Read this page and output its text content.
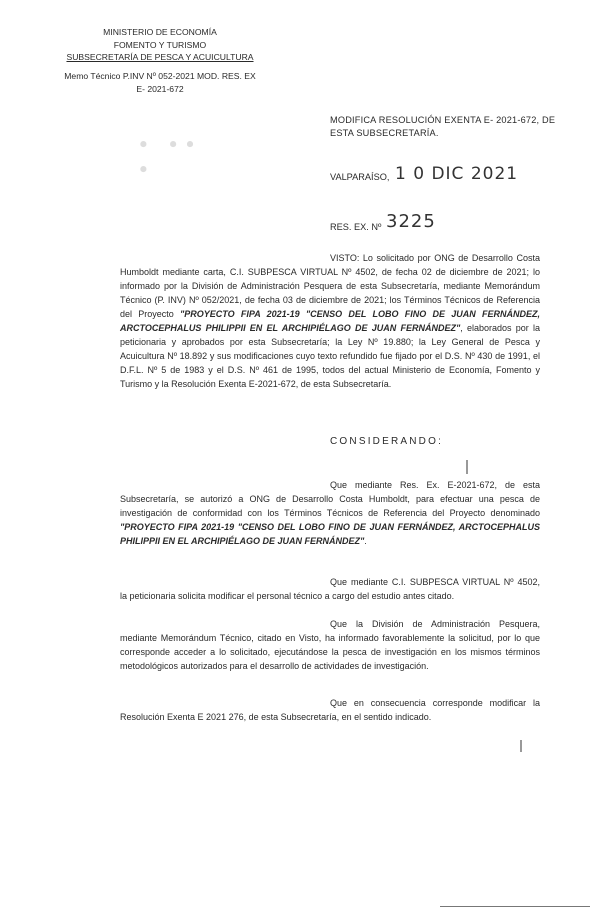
MINISTERIO DE ECONOMÍA
FOMENTO Y TURISMO
SUBSECRETARÍA DE PESCA Y ACUICULTURA
Memo Técnico P.INV Nº 052-2021 MOD. RES. EX
E- 2021-672
∙ ∙∙ ∙
MODIFICA RESOLUCIÓN EXENTA E- 2021-672, DE ESTA SUBSECRETARÍA.
VALPARAÍSO, 1 0 DIC 2021
RES. EX. Nº 3225
VISTO: Lo solicitado por ONG de Desarrollo Costa Humboldt mediante carta, C.I. SUBPESCA VIRTUAL Nº 4502, de fecha 02 de diciembre de 2021; lo informado por la División de Administración Pesquera de esta Subsecretaría, mediante Memorándum Técnico (P. INV) Nº 052/2021, de fecha 03 de diciembre de 2021; los Términos Técnicos de Referencia del Proyecto "PROYECTO FIPA 2021-19 "CENSO DEL LOBO FINO DE JUAN FERNÁNDEZ, ARCTOCEPHALUS PHILIPPII EN EL ARCHIPIÉLAGO DE JUAN FERNÁNDEZ", elaborados por la peticionaria y aprobados por esta Subsecretaría; la Ley Nº 19.880; la Ley General de Pesca y Acuicultura Nº 18.892 y sus modificaciones cuyo texto refundido fue fijado por el D.S. Nº 430 de 1991, el D.F.L. Nº 5 de 1983 y el D.S. Nº 461 de 1995, todos del actual Ministerio de Economía, Fomento y Turismo y la Resolución Exenta E-2021-672, de esta Subsecretaría.
CONSIDERANDO:
Que mediante Res. Ex. E-2021-672, de esta Subsecretaría, se autorizó a ONG de Desarrollo Costa Humboldt, para efectuar una pesca de investigación de conformidad con los Términos Técnicos de Referencia del Proyecto denominado "PROYECTO FIPA 2021-19 "CENSO DEL LOBO FINO DE JUAN FERNÁNDEZ, ARCTOCEPHALUS PHILIPPII EN EL ARCHIPIÉLAGO DE JUAN FERNÁNDEZ".
Que mediante C.I. SUBPESCA VIRTUAL Nº 4502, la peticionaria solicita modificar el personal técnico a cargo del estudio antes citado.
Que la División de Administración Pesquera, mediante Memorándum Técnico, citado en Visto, ha informado favorablemente la solicitud, por lo que corresponde acceder a lo solicitado, ejecutándose la pesca de investigación en los mismos términos metodológicos autorizados para el desarrollo de actividades de investigación.
Que en consecuencia corresponde modificar la Resolución Exenta E 2021 276, de esta Subsecretaría, en el sentido indicado.
